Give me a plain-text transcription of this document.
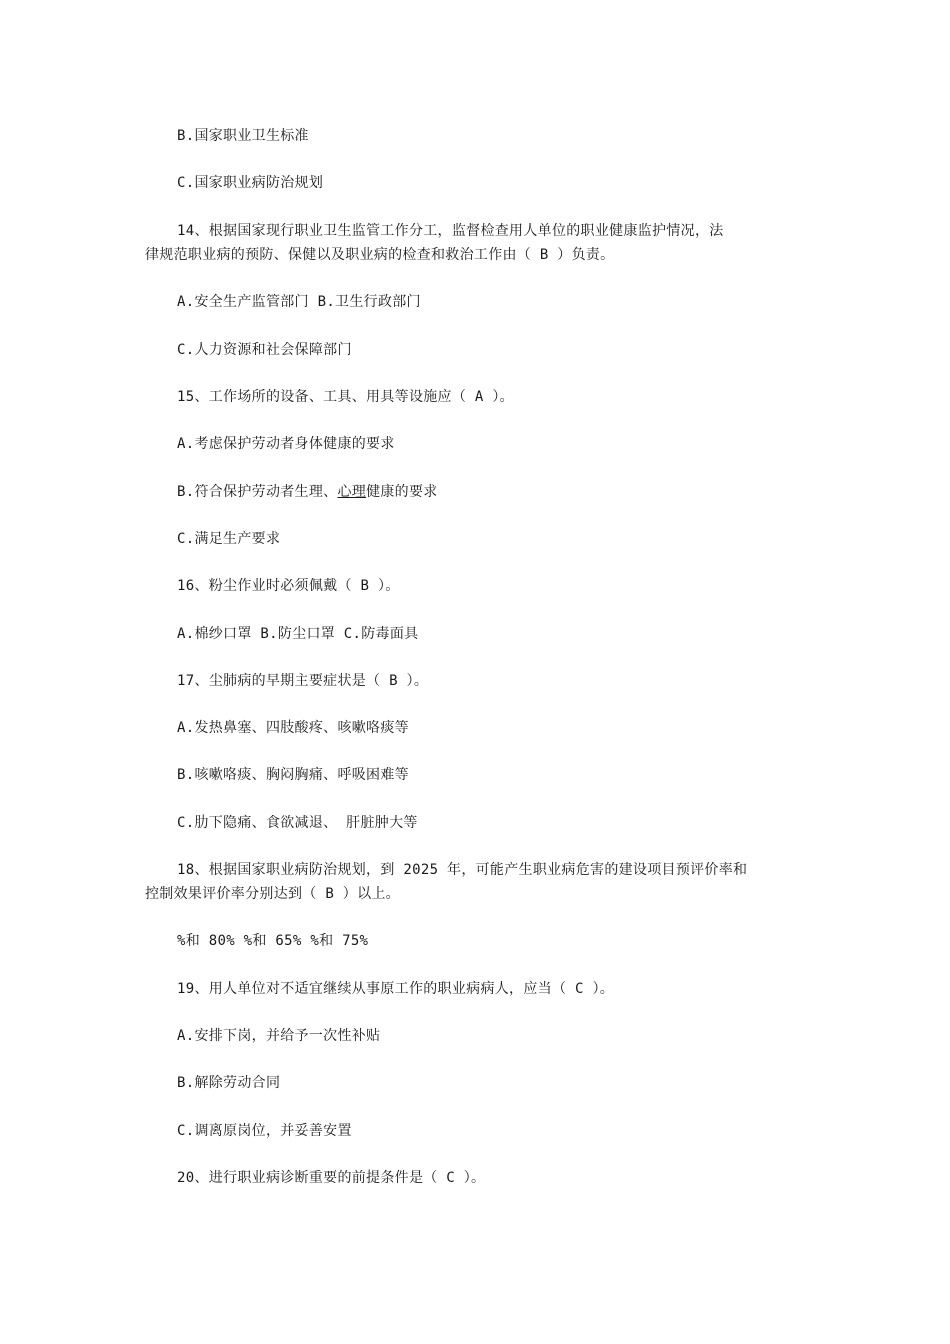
B.国家职业卫生标准
C.国家职业病防治规划
14、根据国家现行职业卫生监管工作分工，监督检查用人单位的职业健康监护情况，法
律规范职业病的预防、保健以及职业病的检查和救治工作由（ B ）负责。
A.安全生产监管部门 B.卫生行政部门
C.人力资源和社会保障部门
15、工作场所的设备、工具、用具等设施应（ A ）。
A.考虑保护劳动者身体健康的要求
B.符合保护劳动者生理、心理健康的要求
C.满足生产要求
16、粉尘作业时必须佩戴（ B ）。
A.棉纱口罩 B.防尘口罩 C.防毒面具
17、尘肺病的早期主要症状是（ B ）。
A.发热鼻塞、四肢酸疼、咳嗽咯痰等
B.咳嗽咯痰、胸闷胸痛、呼吸困难等
C.肋下隐痛、食欲减退、 肝脏肿大等
18、根据国家职业病防治规划，到 2025 年，可能产生职业病危害的建设项目预评价率和
控制效果评价率分别达到（ B ）以上。
%和 80% %和 65% %和 75%
19、用人单位对不适宜继续从事原工作的职业病病人，应当（ C ）。
A.安排下岗，并给予一次性补贴
B.解除劳动合同
C.调离原岗位，并妥善安置
20、进行职业病诊断重要的前提条件是（ C ）。
